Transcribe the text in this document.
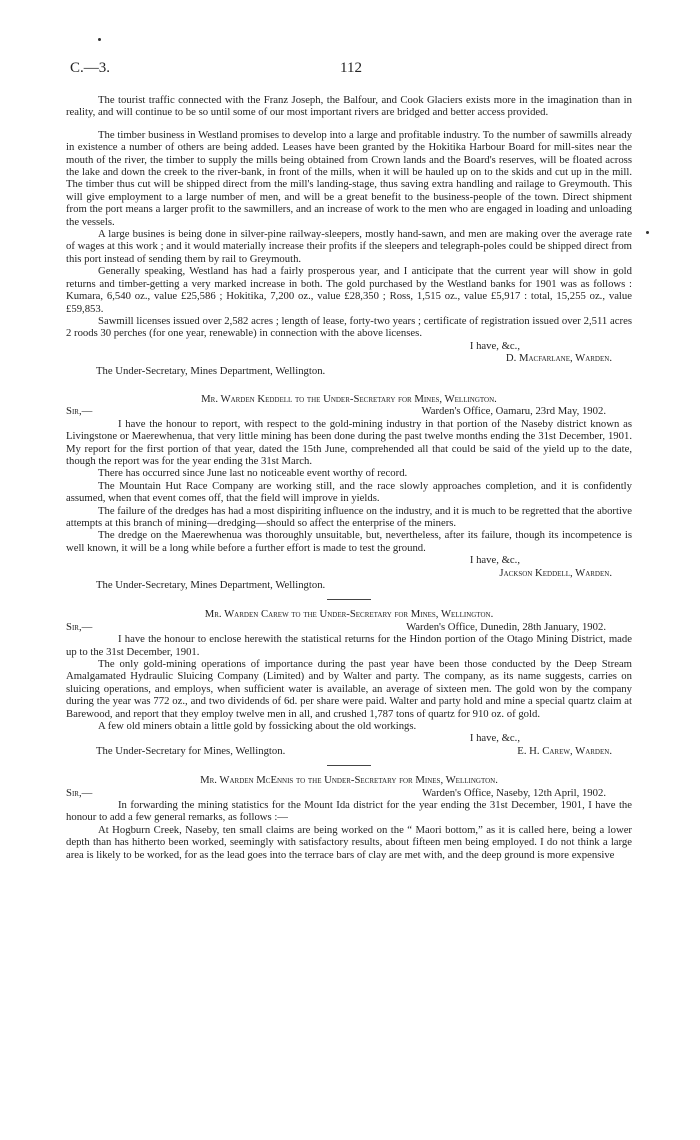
C.—3.	112

The tourist traffic connected with the Franz Joseph, the Balfour, and Cook Glaciers exists more in the imagination than in reality, and will continue to be so until some of our most important rivers are bridged and better access provided.

The timber business in Westland promises to develop into a large and profitable industry. To the number of sawmills already in existence a number of others are being added. Leases have been granted by the Hokitika Harbour Board for mill-sites near the mouth of the river, the timber to supply the mills being obtained from Crown lands and the Board's reserves, will be floated across the lake and down the creek to the river-bank, in front of the mills, when it will be hauled up on to the skids and cut up in the mill. The timber thus cut will be shipped direct from the mill's landing-stage, thus saving extra handling and railage to Greymouth. This will give employment to a large number of men, and will be a great benefit to the business-people of the town. Direct shipment from the port means a larger profit to the sawmillers, and an increase of work to the men who are engaged in loading and unloading the vessels.

A large busines is being done in silver-pine railway-sleepers, mostly hand-sawn, and men are making over the average rate of wages at this work ; and it would materially increase their profits if the sleepers and telegraph-poles could be shipped direct from this port instead of sending them by rail to Greymouth.

Generally speaking, Westland has had a fairly prosperous year, and I anticipate that the current year will show in gold returns and timber-getting a very marked increase in both. The gold purchased by the Westland banks for 1901 was as follows : Kumara, 6,540 oz., value £25,586 ; Hokitika, 7,200 oz., value £28,350 ; Ross, 1,515 oz., value £5,917 : total, 15,255 oz., value £59,853.

Sawmill licenses issued over 2,582 acres ; length of lease, forty-two years ; certificate of registration issued over 2,511 acres 2 roods 30 perches (for one year, renewable) in connection with the above licenses.

I have, &c.,

D. Macfarlane, Warden.

The Under-Secretary, Mines Department, Wellington.

Mr. Warden Keddell to the Under-Secretary for Mines, Wellington.

Sir,—	Warden's Office, Oamaru, 23rd May, 1902.

I have the honour to report, with respect to the gold-mining industry in that portion of the Naseby district known as Livingstone or Maerewhenua, that very little mining has been done during the past twelve months ending the 31st December, 1901. My report for the first portion of that year, dated the 15th June, comprehended all that could be said of the yield up to the date, though the report was for the year ending the 31st March.

There has occurred since June last no noticeable event worthy of record.

The Mountain Hut Race Company are working still, and the race slowly approaches completion, and it is confidently assumed, when that event comes off, that the field will improve in yields.

The failure of the dredges has had a most dispiriting influence on the industry, and it is much to be regretted that the abortive attempts at this branch of mining—dredging—should so affect the enterprise of the miners.

The dredge on the Maerewhenua was thoroughly unsuitable, but, nevertheless, after its failure, though its incompetence is well known, it will be a long while before a further effort is made to test the ground.

I have, &c.,

Jackson Keddell, Warden.

The Under-Secretary, Mines Department, Wellington.

Mr. Warden Carew to the Under-Secretary for Mines, Wellington.

Sir,—	Warden's Office, Dunedin, 28th January, 1902.

I have the honour to enclose herewith the statistical returns for the Hindon portion of the Otago Mining District, made up to the 31st December, 1901.

The only gold-mining operations of importance during the past year have been those conducted by the Deep Stream Amalgamated Hydraulic Sluicing Company (Limited) and by Walter and party. The company, as its name suggests, carries on sluicing operations, and employs, when sufficient water is available, an average of sixteen men. The gold won by the company during the year was 772 oz., and two dividends of 6d. per share were paid. Walter and party hold and mine a special quartz claim at Barewood, and report that they employ twelve men in all, and crushed 1,787 tons of quartz for 910 oz. of gold.

A few old miners obtain a little gold by fossicking about the old workings.

I have, &c.,

The Under-Secretary for Mines, Wellington.	E. H. Carew, Warden.

Mr. Warden McEnnis to the Under-Secretary for Mines, Wellington.

Sir,—	Warden's Office, Naseby, 12th April, 1902.

In forwarding the mining statistics for the Mount Ida district for the year ending the 31st December, 1901, I have the honour to add a few general remarks, as follows :—

At Hogburn Creek, Naseby, ten small claims are being worked on the “ Maori bottom,” as it is called here, being a lower depth than has hitherto been worked, seemingly with satisfactory results, about fifteen men being employed. I do not think a large area is likely to be worked, for as the lead goes into the terrace bars of clay are met with, and the deep ground is more expensive
